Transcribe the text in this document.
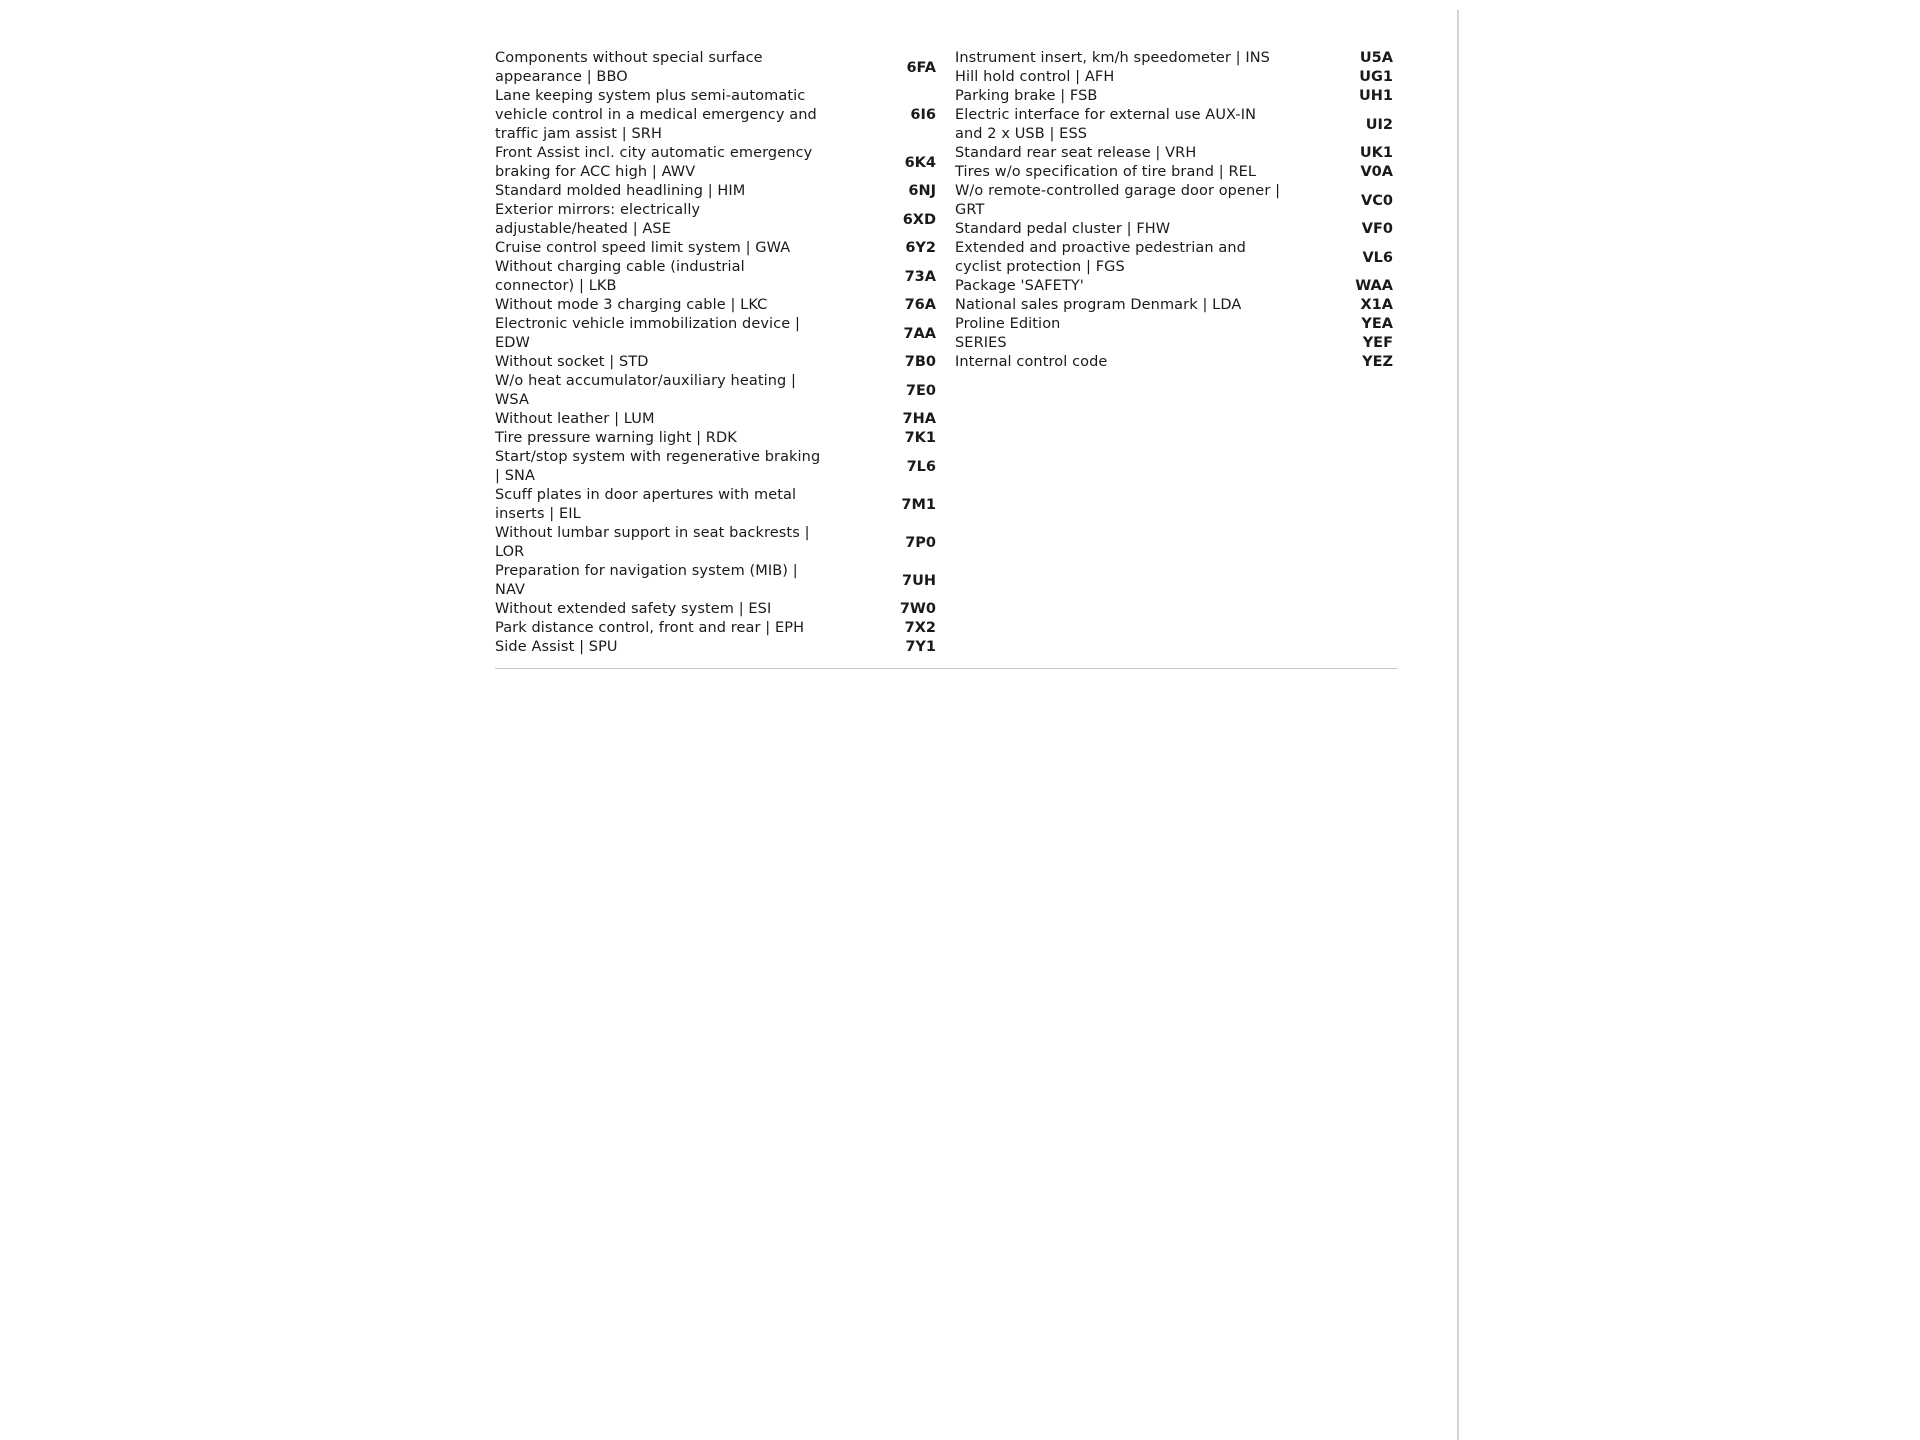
Components without special surface appearance | BBO
6FA
Lane keeping system plus semi-automatic vehicle control in a medical emergency and traffic jam assist | SRH
6I6
Front Assist incl. city automatic emergency braking for ACC high | AWV
6K4
Standard molded headlining | HIM	6NJ
Exterior mirrors: electrically adjustable/heated | ASE
6XD
Cruise control speed limit system | GWA	6Y2
Without charging cable (industrial connector) | LKB
73A
Without mode 3 charging cable | LKC	76A
Electronic vehicle immobilization device | EDW
7AA
Without socket | STD	7B0
W/o heat accumulator/auxiliary heating | WSA
7E0
Without leather | LUM	7HA
Tire pressure warning light | RDK	7K1
Start/stop system with regenerative braking | SNA
7L6
Scuff plates in door apertures with metal inserts | EIL
7M1
Without lumbar support in seat backrests | LOR
7P0
Preparation for navigation system (MIB) | NAV
7UH
Without extended safety system | ESI	7W0
Park distance control, front and rear | EPH	7X2
Side Assist | SPU	7Y1
Instrument insert, km/h speedometer | INS	U5A
Hill hold control | AFH	UG1
Parking brake | FSB	UH1
Electric interface for external use AUX-IN and 2 x USB | ESS
UI2
Standard rear seat release | VRH	UK1
Tires w/o specification of tire brand | REL	V0A
W/o remote-controlled garage door opener | GRT
VC0
Standard pedal cluster | FHW	VF0
Extended and proactive pedestrian and cyclist protection | FGS
VL6
Package 'SAFETY'	WAA
National sales program Denmark | LDA	X1A
Proline Edition	YEA
SERIES	YEF
Internal control code	YEZ
